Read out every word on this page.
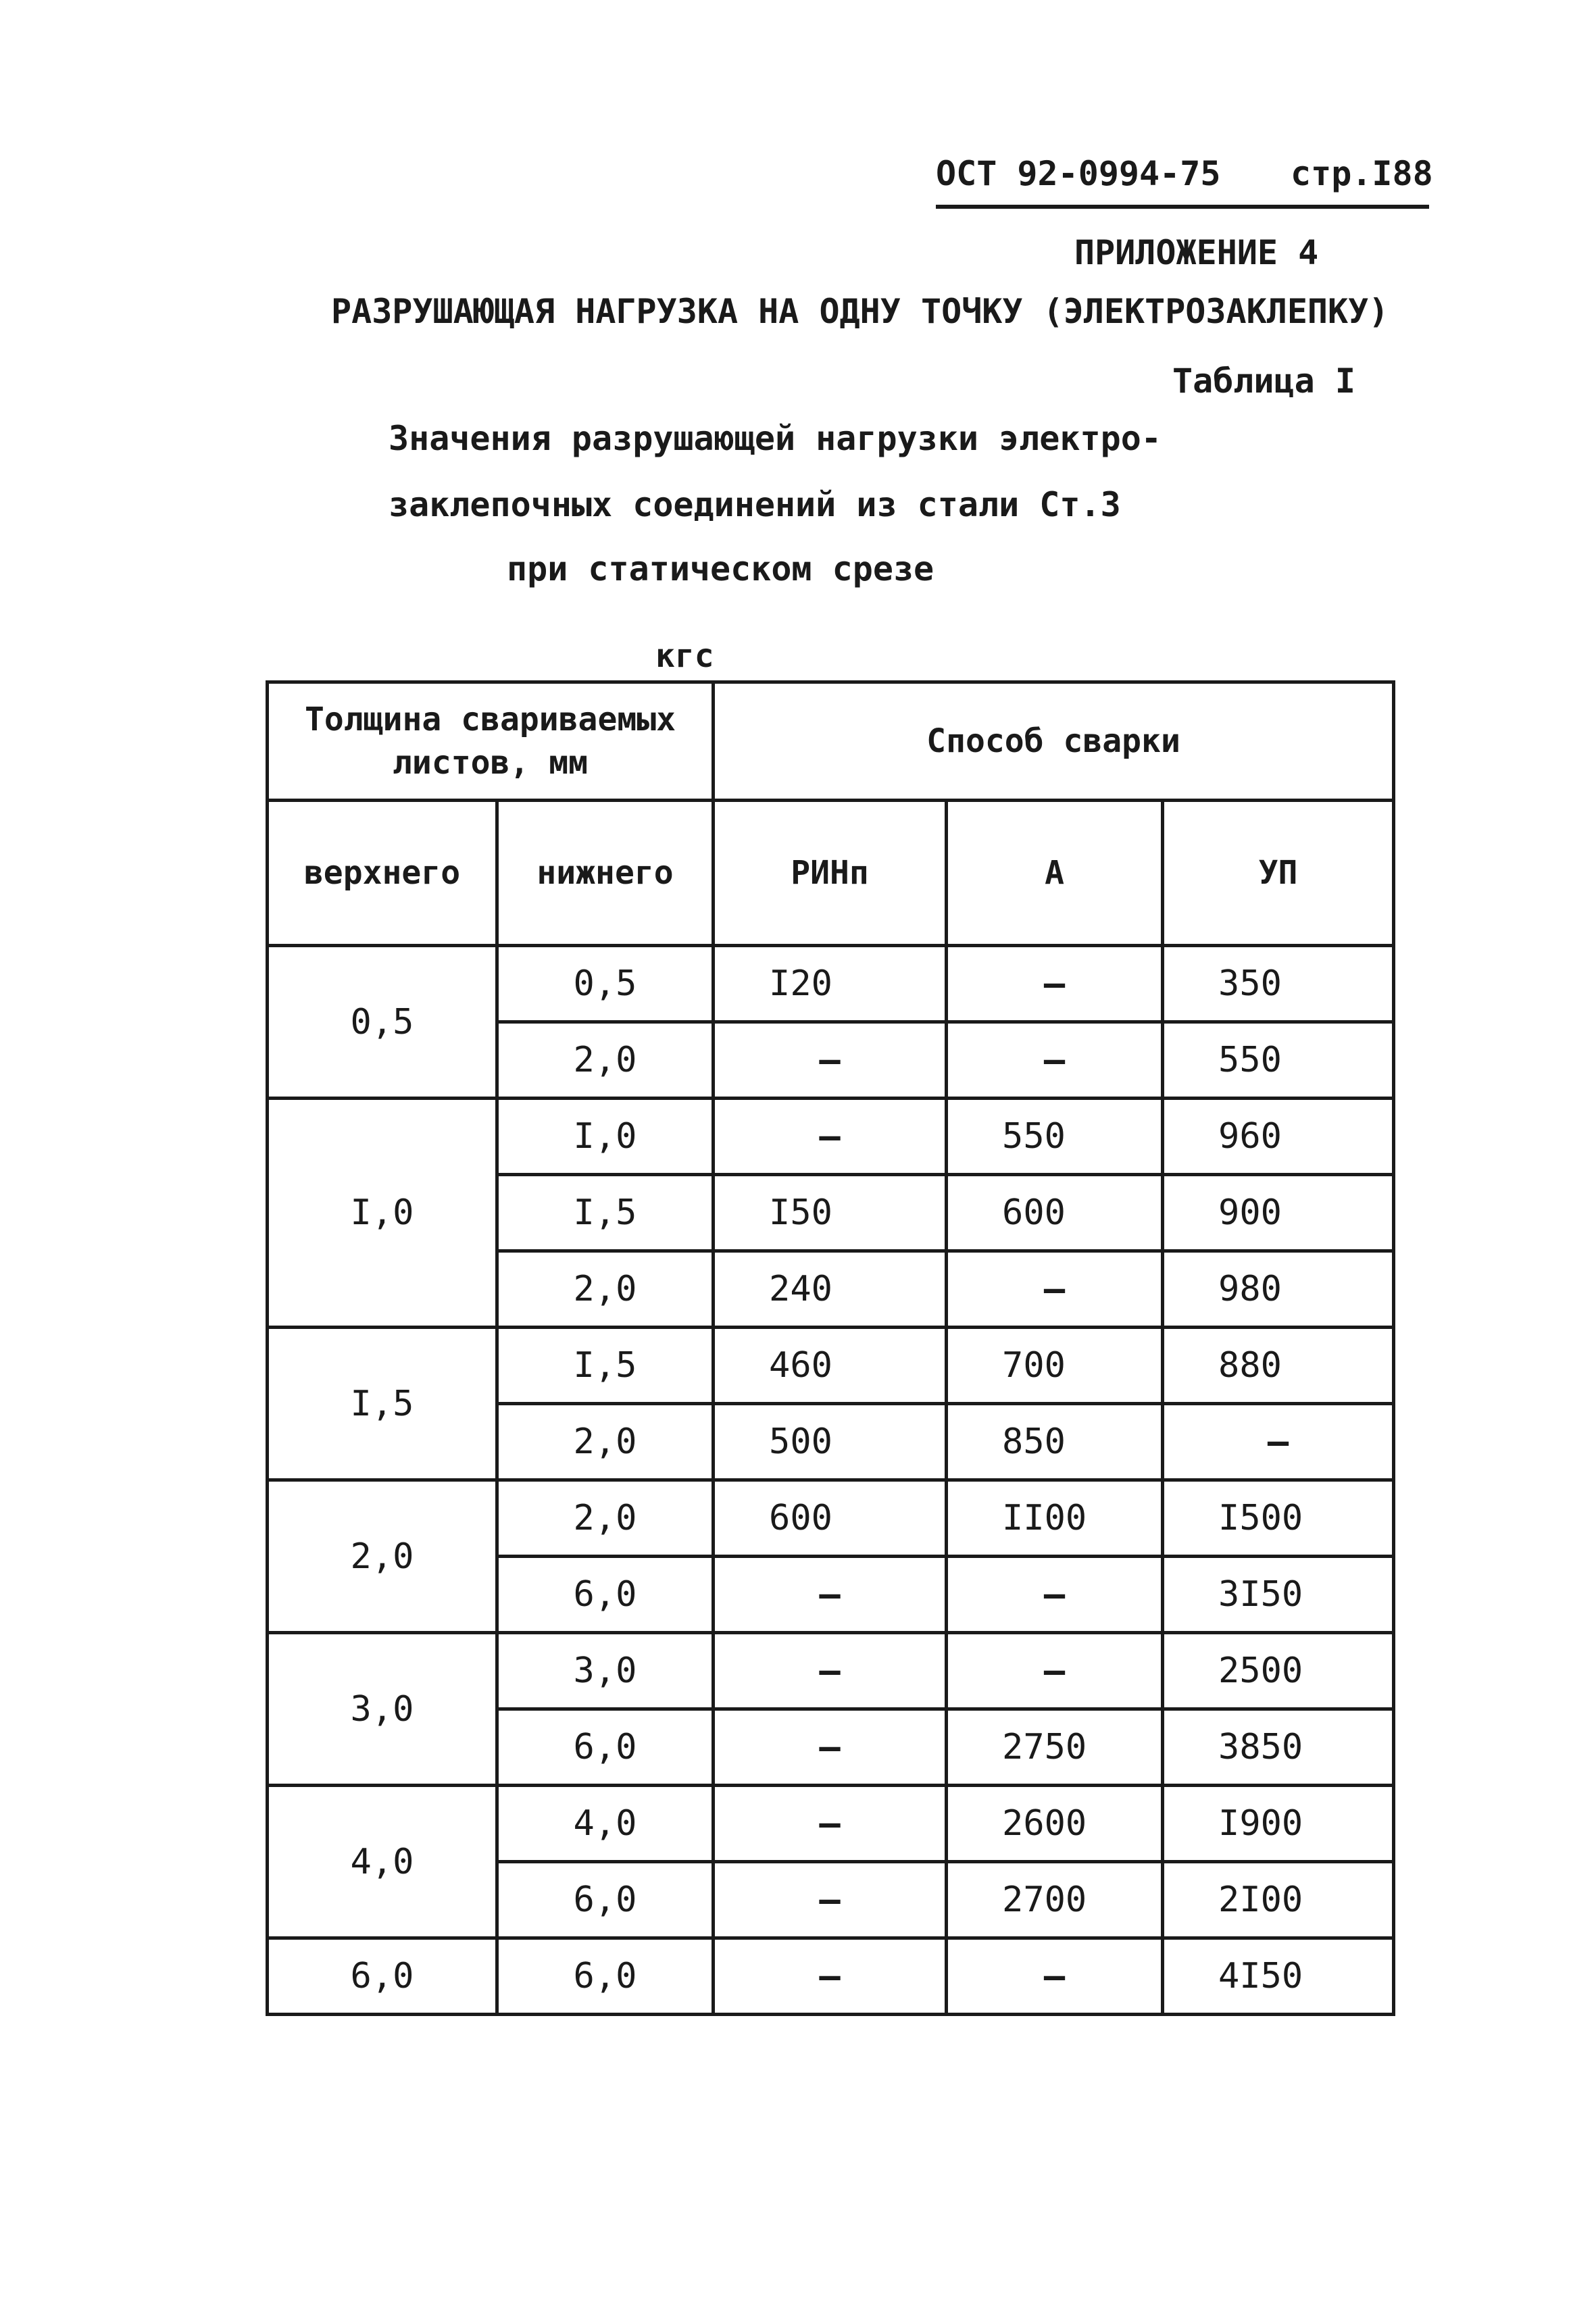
ОСТ 92-0994-75 стр.I88
ПРИЛОЖЕНИЕ 4
РАЗРУШАЮЩАЯ НАГРУЗКА НА ОДНУ ТОЧКУ (ЭЛЕКТРОЗАКЛЕПКУ)
Таблица I
Значения разрушающей нагрузки электро-
заклепочных соединений из стали Ст.3
при статическом срезе
кгс
Толщина свариваемых листов, мм		Способ сварки		
верхнего	нижнего	РИНп	А	УП
0,5	0,5	I20	—	350
	2,0	—	—	550
I,0	I,0	—	550	960
	I,5	I50	600	900
	2,0	240	—	980
I,5	I,5	460	700	880
	2,0	500	850	—
2,0	2,0	600	II00	I500
	6,0	—	—	3I50
3,0	3,0	—	—	2500
	6,0	—	2750	3850
4,0	4,0	—	2600	I900
	6,0	—	2700	2I00
6,0	6,0	—	—	4I50
